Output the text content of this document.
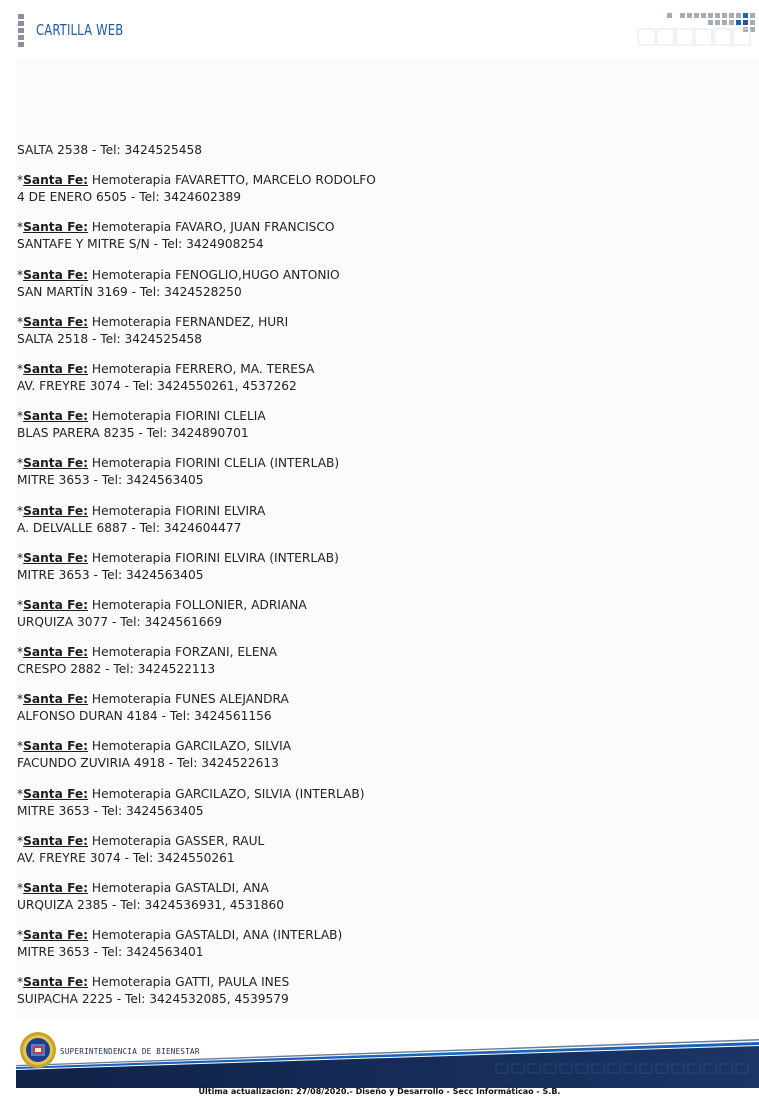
CARTILLA WEB
SALTA 2538 - Tel: 3424525458
*Santa Fe: Hemoterapia FAVARETTO, MARCELO RODOLFO
4 DE ENERO 6505 - Tel: 3424602389
*Santa Fe: Hemoterapia FAVARO, JUAN FRANCISCO
SANTAFE Y MITRE S/N - Tel: 3424908254
*Santa Fe: Hemoterapia FENOGLIO,HUGO ANTONIO
SAN MARTÍN 3169 - Tel: 3424528250
*Santa Fe: Hemoterapia FERNANDEZ, HURI
SALTA 2518 - Tel: 3424525458
*Santa Fe: Hemoterapia FERRERO, MA. TERESA
AV. FREYRE 3074 - Tel: 3424550261, 4537262
*Santa Fe: Hemoterapia FIORINI CLELIA
BLAS PARERA 8235 - Tel: 3424890701
*Santa Fe: Hemoterapia FIORINI CLELIA (INTERLAB)
MITRE 3653 - Tel: 3424563405
*Santa Fe: Hemoterapia FIORINI ELVIRA
A. DELVALLE 6887 - Tel: 3424604477
*Santa Fe: Hemoterapia FIORINI ELVIRA (INTERLAB)
MITRE 3653 - Tel: 3424563405
*Santa Fe: Hemoterapia FOLLONIER, ADRIANA
URQUIZA 3077 - Tel: 3424561669
*Santa Fe: Hemoterapia FORZANI, ELENA
CRESPO 2882 - Tel: 3424522113
*Santa Fe: Hemoterapia FUNES ALEJANDRA
ALFONSO DURAN 4184 - Tel: 3424561156
*Santa Fe: Hemoterapia GARCILAZO, SILVIA
FACUNDO ZUVIRIA 4918 - Tel: 3424522613
*Santa Fe: Hemoterapia GARCILAZO, SILVIA (INTERLAB)
MITRE 3653 - Tel: 3424563405
*Santa Fe: Hemoterapia GASSER, RAUL
AV. FREYRE 3074 - Tel: 3424550261
*Santa Fe: Hemoterapia GASTALDI, ANA
URQUIZA 2385 - Tel: 3424536931, 4531860
*Santa Fe: Hemoterapia GASTALDI, ANA (INTERLAB)
MITRE 3653 - Tel: 3424563401
*Santa Fe: Hemoterapia GATTI, PAULA INES
SUIPACHA 2225 - Tel: 3424532085, 4539579
SUPERINTENDENCIA DE BIENESTAR
Última actualización: 27/08/2020.- Diseño y Desarrollo - Secc Informáticao - S.B.
